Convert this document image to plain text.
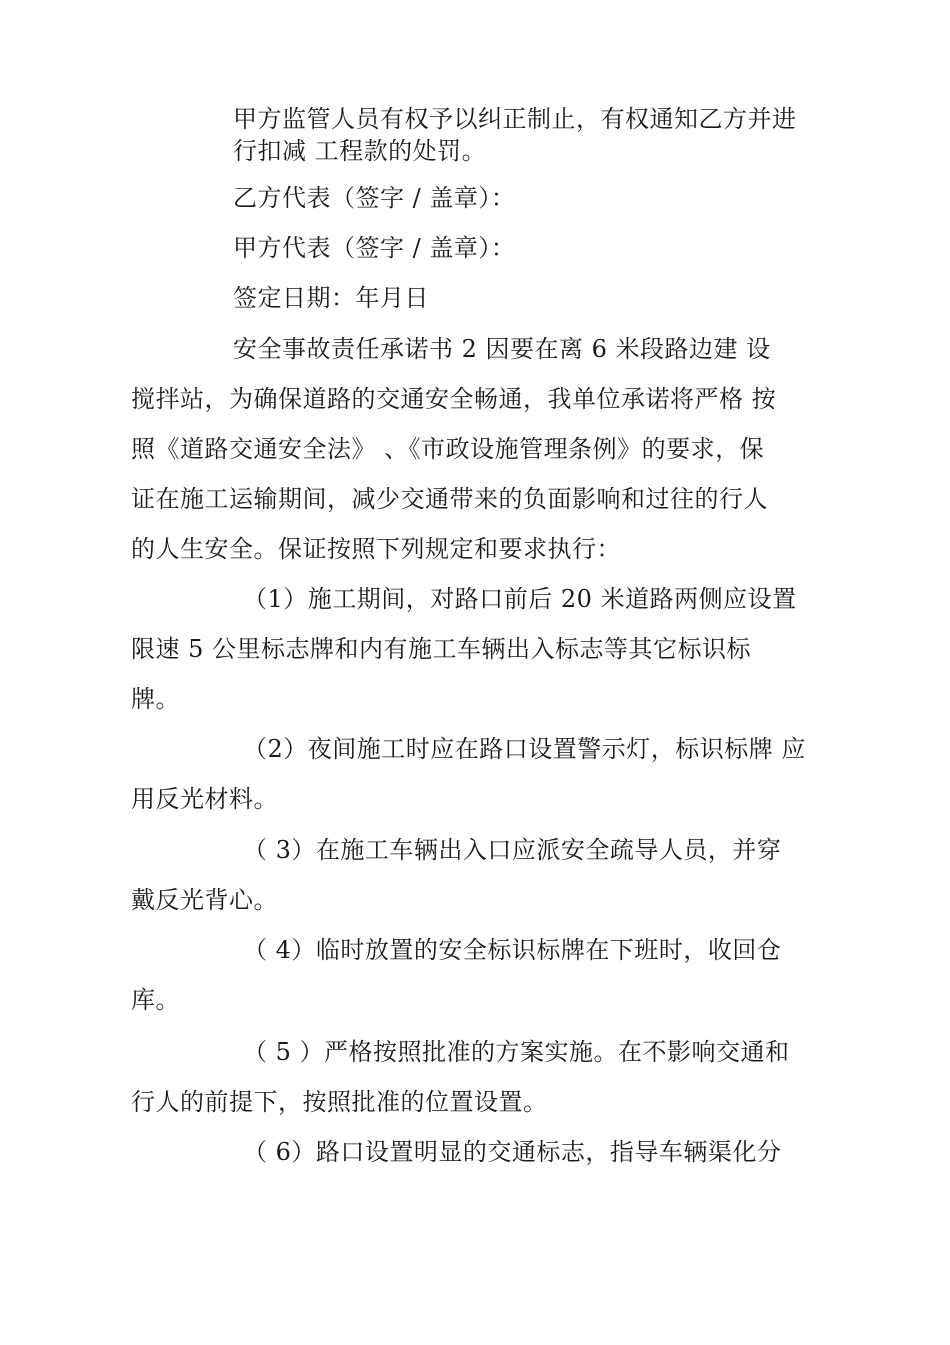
甲方监管人员有权予以纠正制止，有权通知乙方并进
行扣减 工程款的处罚。
乙方代表（签字 / 盖章）：
甲方代表（签字 / 盖章）：
签定日期：年月日
安全事故责任承诺书 2 因要在离 6 米段路边建 设
搅拌站，为确保道路的交通安全畅通，我单位承诺将严格 按
照《道路交通安全法》 、《市政设施管理条例》的要求，保
证在施工运输期间，减少交通带来的负面影响和过往的行人
的人生安全。保证按照下列规定和要求执行：
（1）施工期间，对路口前后 20 米道路两侧应设置
限速 5 公里标志牌和内有施工车辆出入标志等其它标识标
牌。
（2）夜间施工时应在路口设置警示灯，标识标牌 应
用反光材料。
（ 3）在施工车辆出入口应派安全疏导人员，并穿
戴反光背心。
（ 4）临时放置的安全标识标牌在下班时，收回仓
库。
（ 5 ）严格按照批准的方案实施。在不影响交通和
行人的前提下，按照批准的位置设置。
（ 6）路口设置明显的交通标志，指导车辆渠化分
